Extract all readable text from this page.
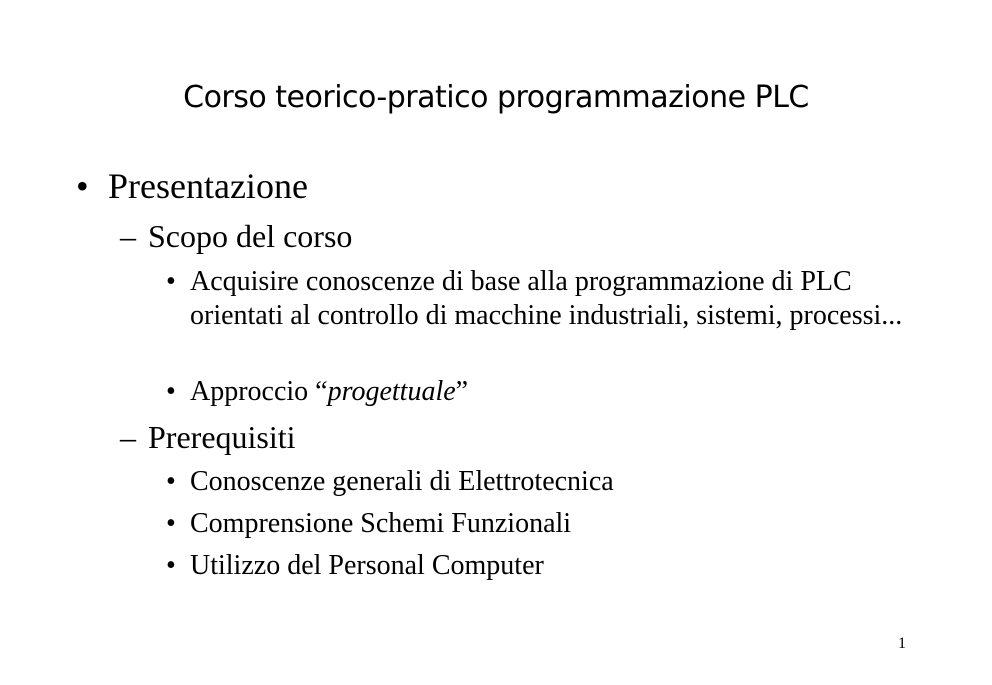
Corso teorico-pratico programmazione PLC
• Presentazione
– Scopo del corso
• Acquisire conoscenze di base alla programmazione di PLC orientati al controllo di macchine industriali, sistemi, processi...
• Approccio “progettuale”
– Prerequisiti
• Conoscenze generali di Elettrotecnica
• Comprensione Schemi Funzionali
• Utilizzo del Personal Computer
1
